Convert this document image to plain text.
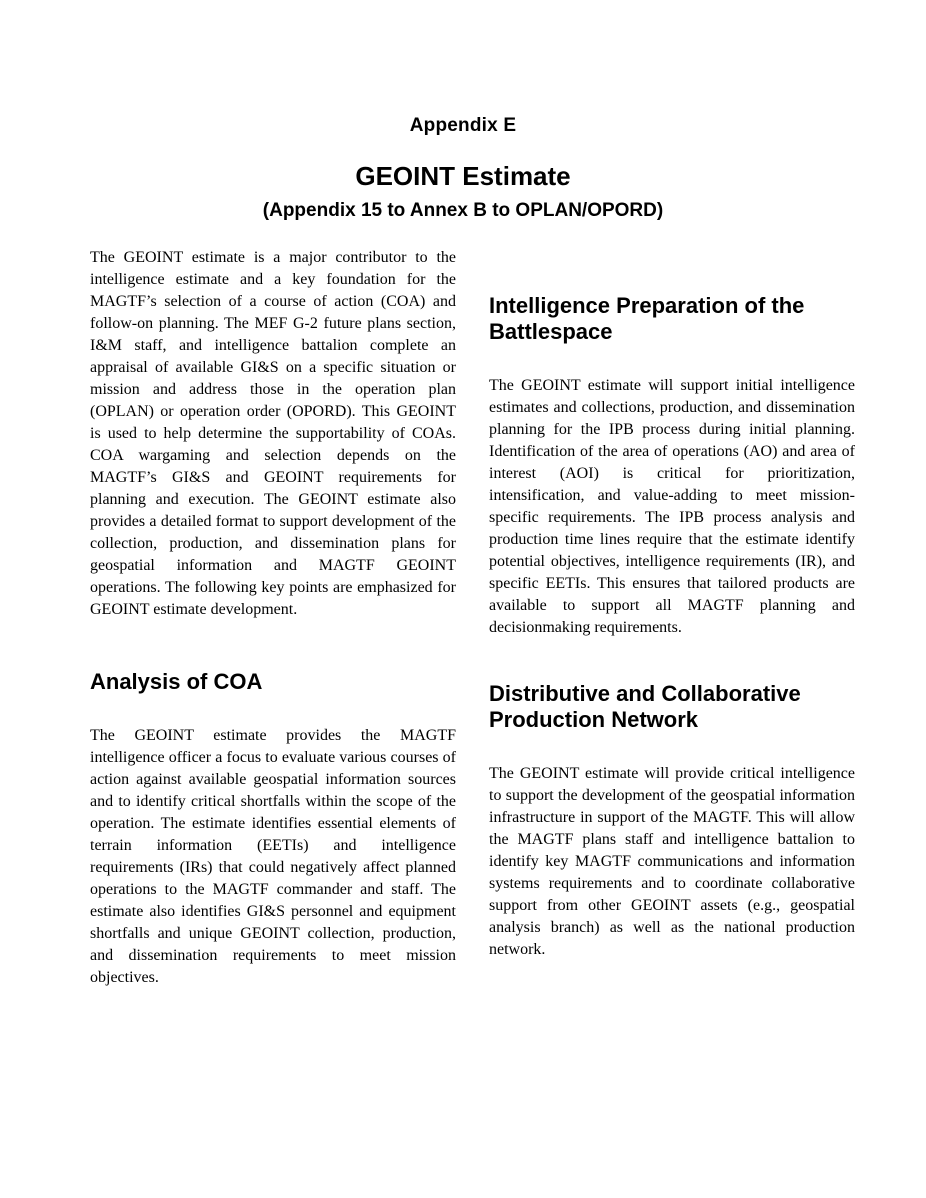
Appendix E
GEOINT Estimate
(Appendix 15 to Annex B to OPLAN/OPORD)

The GEOINT estimate is a major contributor to the intelligence estimate and a key foundation for the MAGTF’s selection of a course of action (COA) and follow-on planning. The MEF G-2 future plans section, I&M staff, and intelligence battalion complete an appraisal of available GI&S on a specific situation or mission and address those in the operation plan (OPLAN) or operation order (OPORD). This GEOINT is used to help determine the supportability of COAs. COA wargaming and selection depends on the MAGTF’s GI&S and GEOINT requirements for planning and execution. The GEOINT estimate also provides a detailed format to support development of the collection, production, and dissemination plans for geospatial information and MAGTF GEOINT operations. The following key points are emphasized for GEOINT estimate development.

Analysis of COA

The GEOINT estimate provides the MAGTF intelligence officer a focus to evaluate various courses of action against available geospatial information sources and to identify critical shortfalls within the scope of the operation. The estimate identifies essential elements of terrain information (EETIs) and intelligence requirements (IRs) that could negatively affect planned operations to the MAGTF commander and staff. The estimate also identifies GI&S personnel and equipment shortfalls and unique GEOINT collection, production, and dissemination requirements to meet mission objectives.

Intelligence Preparation of the Battlespace

The GEOINT estimate will support initial intelligence estimates and collections, production, and dissemination planning for the IPB process during initial planning. Identification of the area of operations (AO) and area of interest (AOI) is critical for prioritization, intensification, and value-adding to meet mission-specific requirements. The IPB process analysis and production time lines require that the estimate identify potential objectives, intelligence requirements (IR), and specific EETIs. This ensures that tailored products are available to support all MAGTF planning and decisionmaking requirements.

Distributive and Collaborative Production Network

The GEOINT estimate will provide critical intelligence to support the development of the geospatial information infrastructure in support of the MAGTF. This will allow the MAGTF plans staff and intelligence battalion to identify key MAGTF communications and information systems requirements and to coordinate collaborative support from other GEOINT assets (e.g., geospatial analysis branch) as well as the national production network.
